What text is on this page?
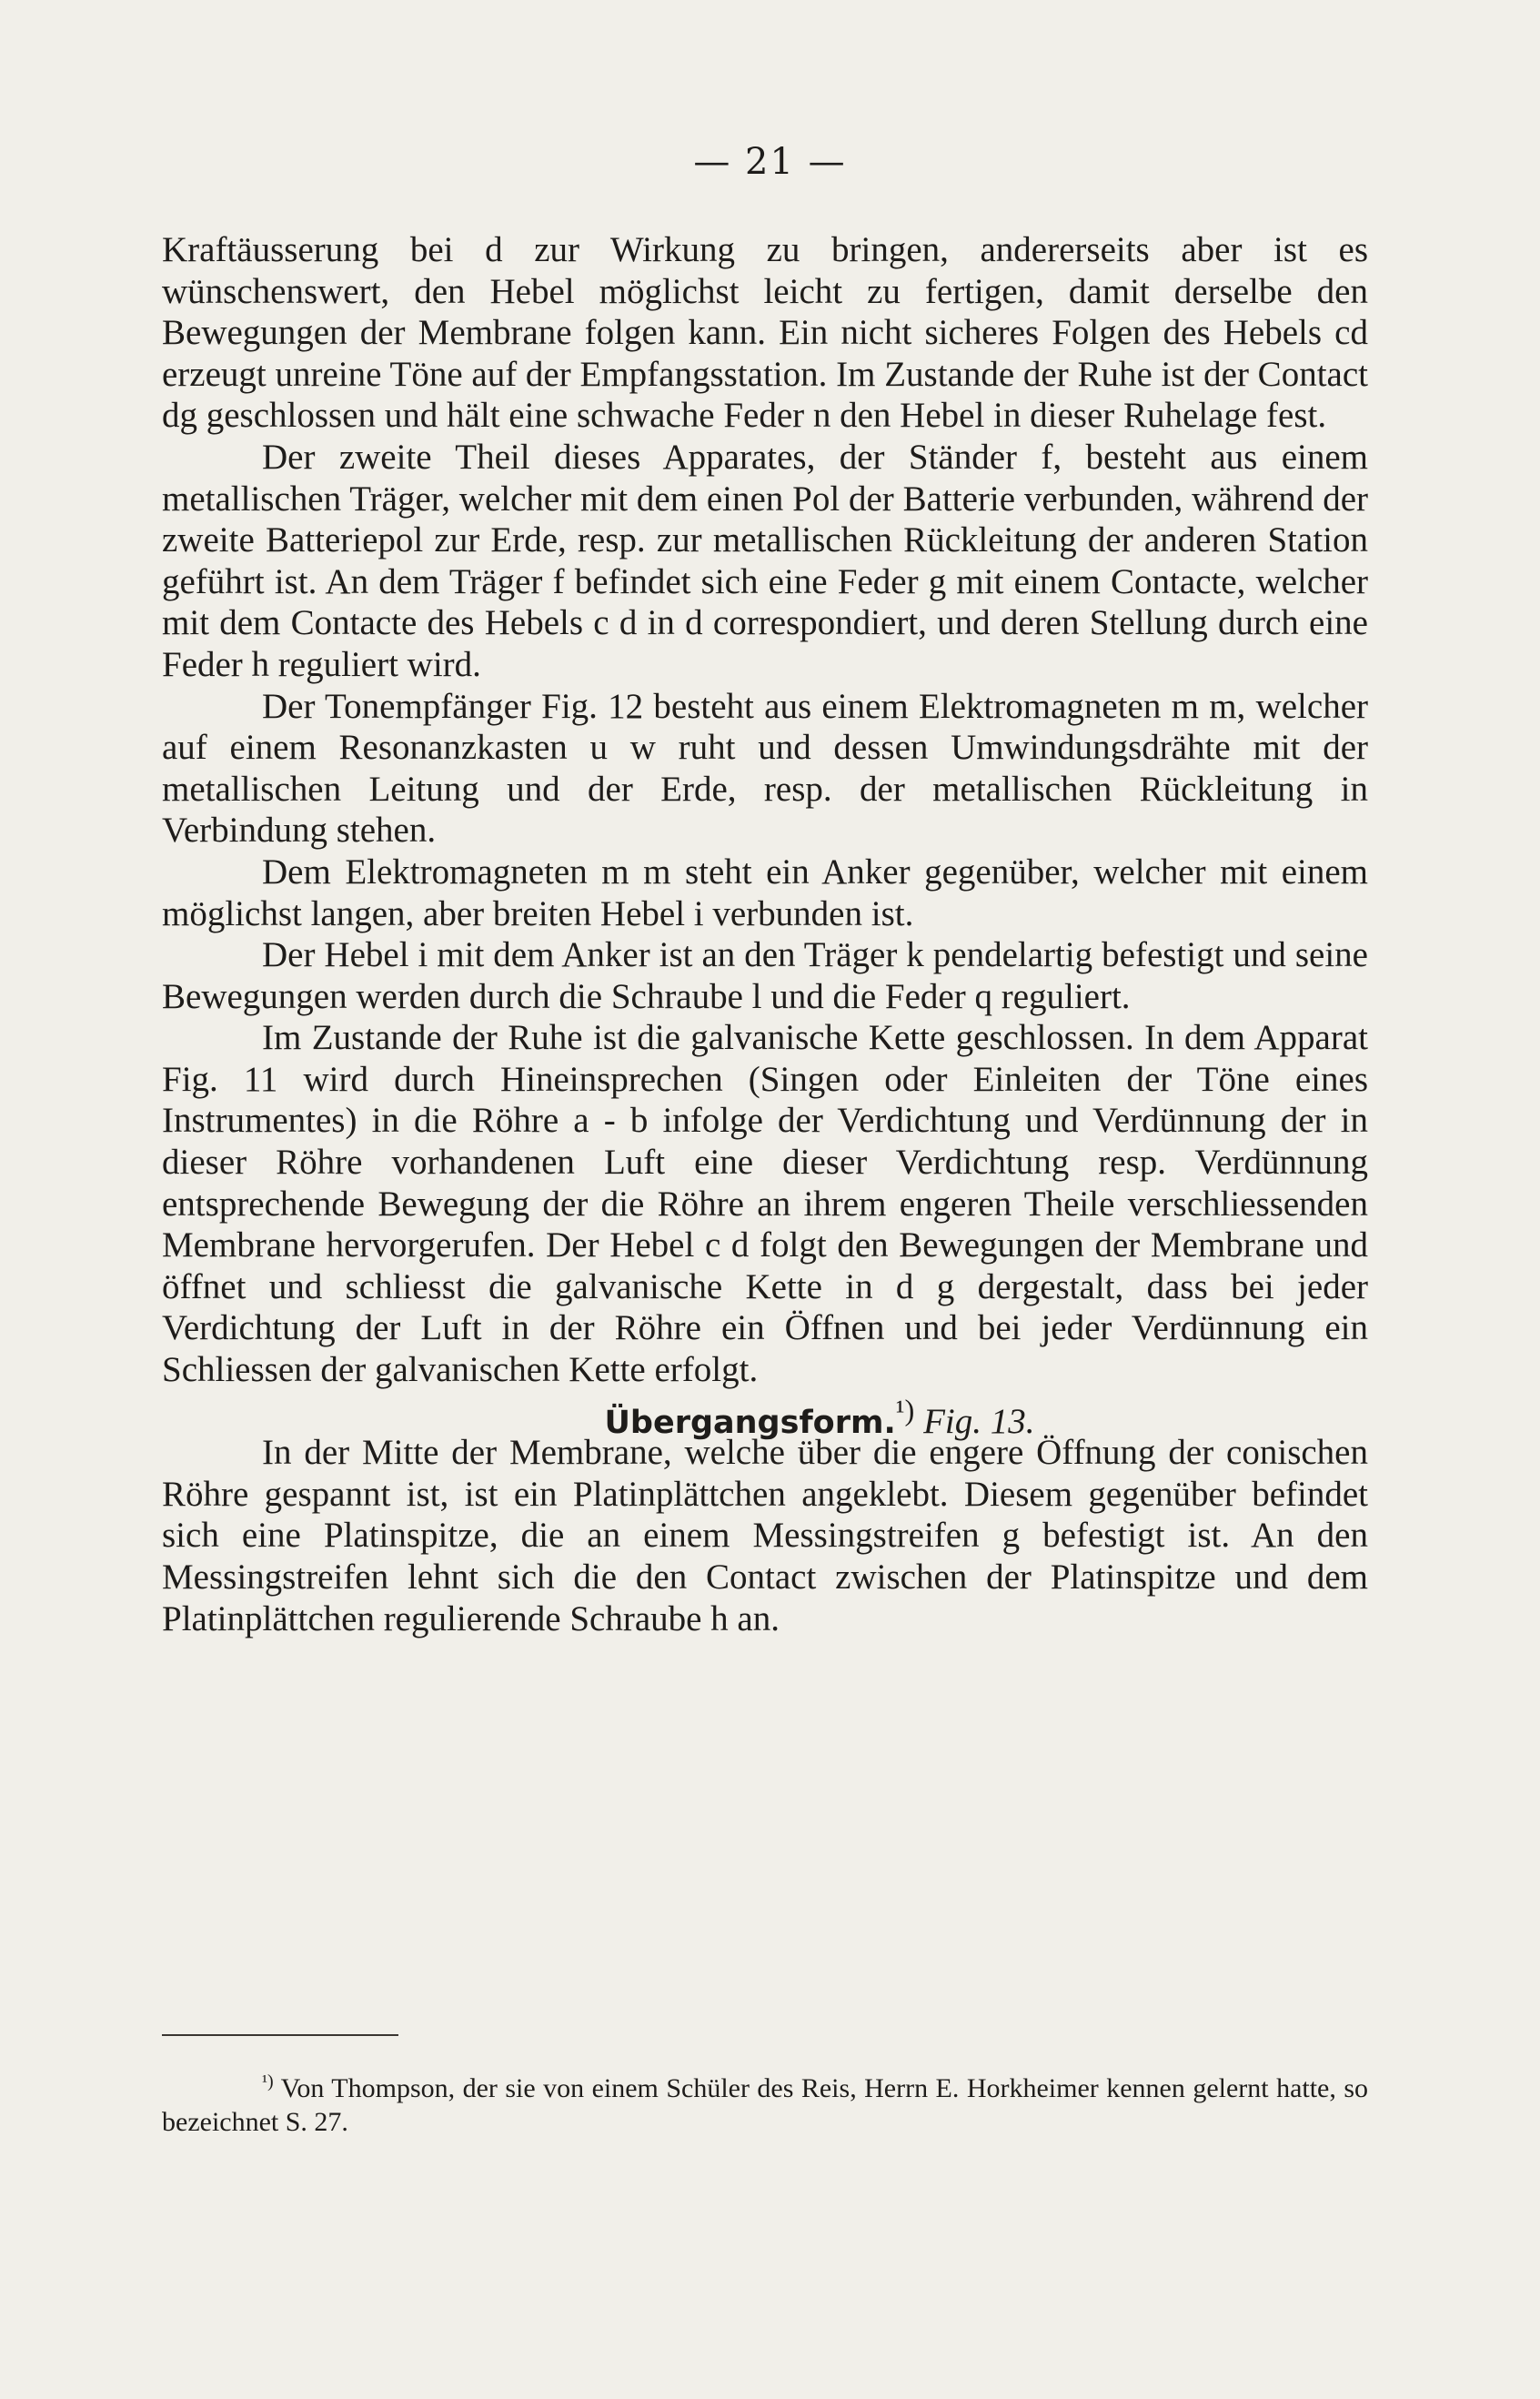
— 21 —

Kraftäusserung bei d zur Wirkung zu bringen, andererseits aber ist es wünschenswert, den Hebel möglichst leicht zu fertigen, damit derselbe den Bewegungen der Membrane folgen kann. Ein nicht sicheres Folgen des Hebels cd erzeugt unreine Töne auf der Empfangsstation. Im Zustande der Ruhe ist der Contact dg geschlossen und hält eine schwache Feder n den Hebel in dieser Ruhelage fest.

Der zweite Theil dieses Apparates, der Ständer f, besteht aus einem metallischen Träger, welcher mit dem einen Pol der Batterie verbunden, während der zweite Batteriepol zur Erde, resp. zur metallischen Rückleitung der anderen Station geführt ist. An dem Träger f befindet sich eine Feder g mit einem Contacte, welcher mit dem Contacte des Hebels c d in d correspondiert, und deren Stellung durch eine Feder h reguliert wird.

Der Tonempfänger Fig. 12 besteht aus einem Elektromagneten m m, welcher auf einem Resonanzkasten u w ruht und dessen Umwindungsdrähte mit der metallischen Leitung und der Erde, resp. der metallischen Rückleitung in Verbindung stehen.

Dem Elektromagneten m m steht ein Anker gegenüber, welcher mit einem möglichst langen, aber breiten Hebel i verbunden ist.

Der Hebel i mit dem Anker ist an den Träger k pendelartig befestigt und seine Bewegungen werden durch die Schraube l und die Feder q reguliert.

Im Zustande der Ruhe ist die galvanische Kette geschlossen. In dem Apparat Fig. 11 wird durch Hineinsprechen (Singen oder Einleiten der Töne eines Instrumentes) in die Röhre a - b infolge der Verdichtung und Verdünnung der in dieser Röhre vorhandenen Luft eine dieser Verdichtung resp. Verdünnung entsprechende Bewegung der die Röhre an ihrem engeren Theile verschliessenden Membrane hervorgerufen. Der Hebel c d folgt den Bewegungen der Membrane und öffnet und schliesst die galvanische Kette in d g dergestalt, dass bei jeder Verdichtung der Luft in der Röhre ein Öffnen und bei jeder Verdünnung ein Schliessen der galvanischen Kette erfolgt.

Übergangsform.$^{^1)}$ Fig. 13.

In der Mitte der Membrane, welche über die engere Öffnung der conischen Röhre gespannt ist, ist ein Platinplättchen angeklebt. Diesem gegenüber befindet sich eine Platinspitze, die an einem Messingstreifen g befestigt ist. An den Messingstreifen lehnt sich die den Contact zwischen der Platinspitze und dem Platinplättchen regulierende Schraube h an.

$^{^1)}$ Von Thompson, der sie von einem Schüler des Reis, Herrn E. Horkheimer kennen gelernt hatte, so bezeichnet S. 27.
